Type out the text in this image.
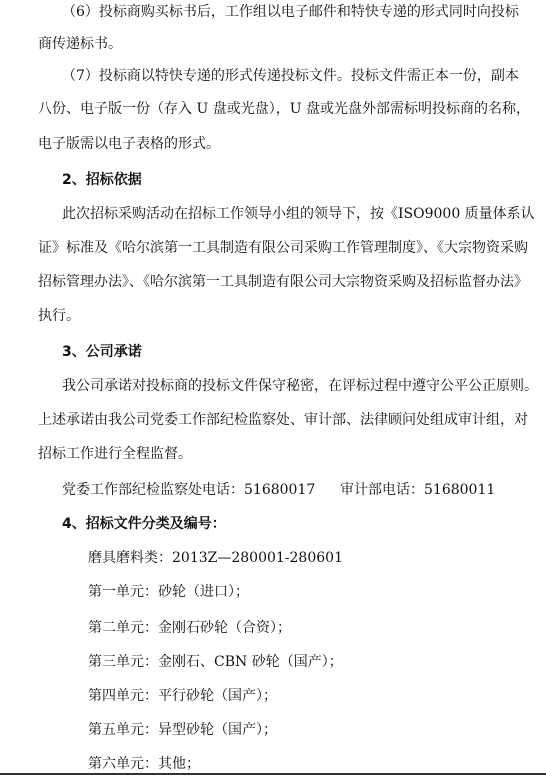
（6）投标商购买标书后，工作组以电子邮件和特快专递的形式同时向投标
商传递标书。
（7）投标商以特快专递的形式传递投标文件。投标文件需正本一份，副本
八份、电子版一份（存入 U 盘或光盘），U 盘或光盘外部需标明投标商的名称，
电子版需以电子表格的形式。
2、招标依据
此次招标采购活动在招标工作领导小组的领导下，按《ISO9000 质量体系认
证》标准及《哈尔滨第一工具制造有限公司采购工作管理制度》、《大宗物资采购
招标管理办法》、《哈尔滨第一工具制造有限公司大宗物资采购及招标监督办法》
执行。
3、公司承诺
我公司承诺对投标商的投标文件保守秘密，在评标过程中遵守公平公正原则。
上述承诺由我公司党委工作部纪检监察处、审计部、法律顾问处组成审计组，对
招标工作进行全程监督。
党委工作部纪检监察处电话：51680017 审计部电话：51680011
4、招标文件分类及编号：
磨具磨料类：2013Z—280001-280601
第一单元：砂轮（进口）；
第二单元：金刚石砂轮（合资）；
第三单元：金刚石、CBN 砂轮（国产）；
第四单元：平行砂轮（国产）；
第五单元：异型砂轮（国产）；
第六单元：其他；
